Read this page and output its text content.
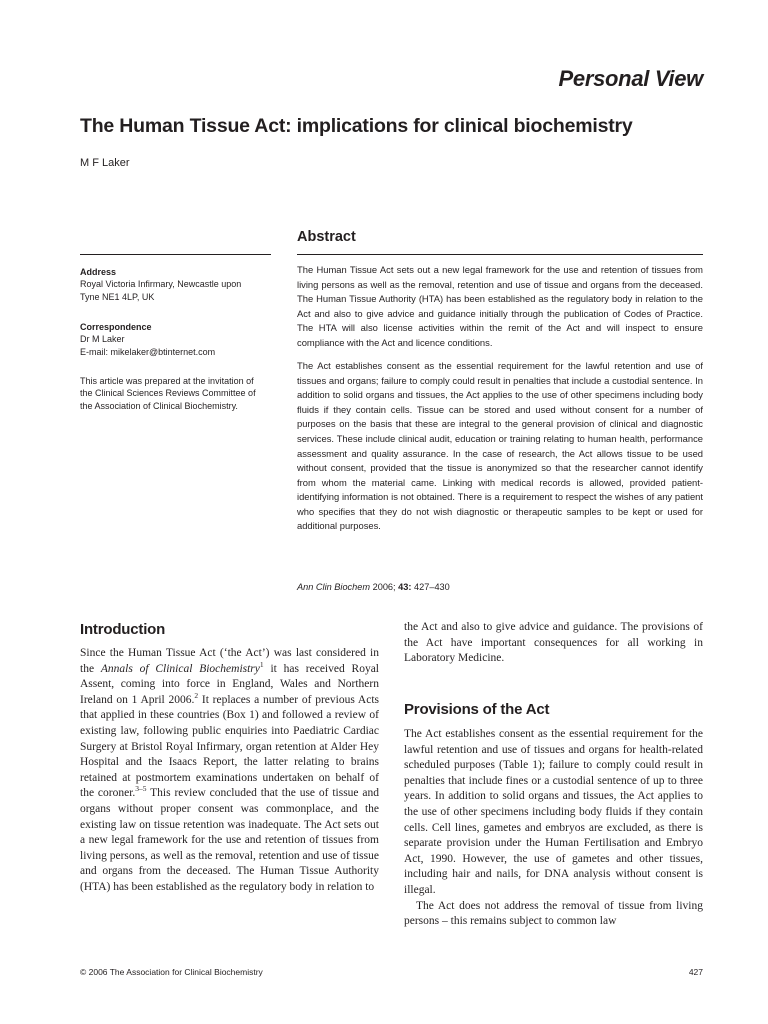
Personal View
The Human Tissue Act: implications for clinical biochemistry
M F Laker
Abstract

Address

Royal Victoria Infirmary, Newcastle upon

Tyne NE1 4LP, UK

Correspondence

Dr M Laker

E-mail: mikelaker@btinternet.com

This article was prepared at the invitation of

the Clinical Sciences Reviews Committee of

the Association of Clinical Biochemistry.

The Human Tissue Act sets out a new legal framework for the use and retention of tissues from living persons as well as the removal, retention and use of tissue and organs from the deceased. The Human Tissue Authority (HTA) has been established as the regulatory body in relation to the Act and also to give advice and guidance initially through the publication of Codes of Practice. The HTA will also license activities within the remit of the Act and will inspect to ensure compliance with the Act and licence conditions.

The Act establishes consent as the essential requirement for the lawful retention and use of tissues and organs; failure to comply could result in penalties that include a custodial sentence. In addition to solid organs and tissues, the Act applies to the use of other specimens including body fluids if they contain cells. Tissue can be stored and used without consent for a number of purposes on the basis that these are integral to the general provision of clinical and diagnostic services. These include clinical audit, education or training relating to human health, performance assessment and quality assurance. In the case of research, the Act allows tissue to be used without consent, provided that the tissue is anonymized so that the researcher cannot identify from whom the material came. Linking with medical records is allowed, provided patient-identifying information is not obtained. There is a requirement to respect the wishes of any patient who specifies that they do not wish diagnostic or therapeutic samples to be kept or used for additional purposes.

Ann Clin Biochem 2006; 43: 427–430
Introduction

Since the Human Tissue Act (‘the Act’) was last considered in the Annals of Clinical Biochemistry$^1$ it has received Royal Assent, coming into force in England, Wales and Northern Ireland on 1 April 2006.$^2$ It replaces a number of previous Acts that applied in these countries (Box 1) and followed a review of existing law, following public enquiries into Paediatric Cardiac Surgery at Bristol Royal Infirmary, organ retention at Alder Hey Hospital and the Isaacs Report, the latter relating to brains retained at postmortem examinations undertaken on behalf of the coroner.$^{3-5}$ This review concluded that the use of tissue and organs without proper consent was commonplace, and the existing law on tissue retention was inadequate. The Act sets out a new legal framework for the use and retention of tissues from living persons, as well as the removal, retention and use of tissue and organs from the deceased. The Human Tissue Authority (HTA) has been established as the regulatory body in relation to

the Act and also to give advice and guidance. The provisions of the Act have important consequences for all working in Laboratory Medicine.

Provisions of the Act

The Act establishes consent as the essential requirement for the lawful retention and use of tissues and organs for health-related scheduled purposes (Table 1); failure to comply could result in penalties that include fines or a custodial sentence of up to three years. In addition to solid organs and tissues, the Act applies to the use of other specimens including body fluids if they contain cells. Cell lines, gametes and embryos are excluded, as there is separate provision under the Human Fertilisation and Embryo Act, 1990. However, the use of gametes and other tissues, including hair and nails, for DNA analysis without consent is illegal.

The Act does not address the removal of tissue from living persons – this remains subject to common law

© 2006 The Association for Clinical Biochemistry	427
